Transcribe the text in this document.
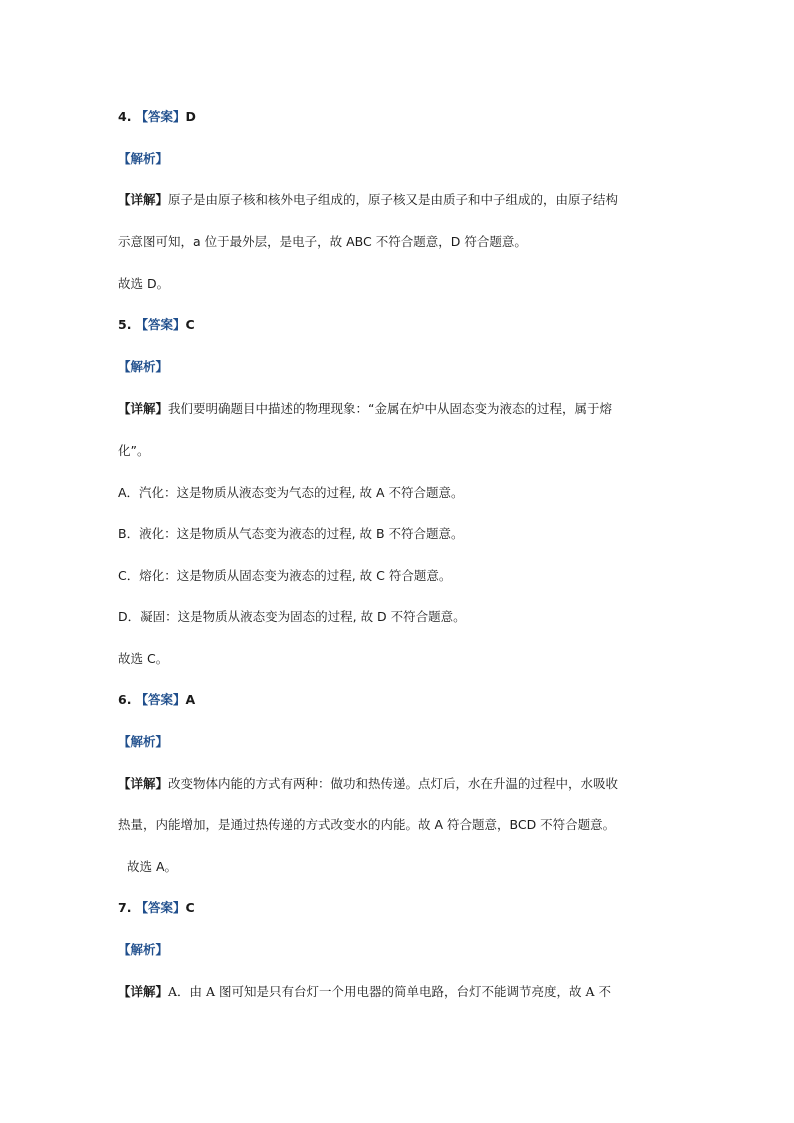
4. 【答案】D
【解析】
【详解】原子是由原子核和核外电子组成的，原子核又是由质子和中子组成的，由原子结构
示意图可知，a 位于最外层，是电子，故 ABC 不符合题意，D 符合题意。
故选 D。
5. 【答案】C
【解析】
【详解】我们要明确题目中描述的物理现象：“金属在炉中从固态变为液态的过程，属于熔
化”。
A．汽化：这是物质从液态变为气态的过程, 故 A 不符合题意。
B．液化：这是物质从气态变为液态的过程, 故 B 不符合题意。
C．熔化：这是物质从固态变为液态的过程, 故 C 符合题意。
D．凝固：这是物质从液态变为固态的过程, 故 D 不符合题意。
故选 C。
6. 【答案】A
【解析】
【详解】改变物体内能的方式有两种：做功和热传递。点灯后，水在升温的过程中，水吸收
热量，内能增加，是通过热传递的方式改变水的内能。故 A 符合题意，BCD 不符合题意。
故选 A。
7. 【答案】C
【解析】
【详解】A．由 A 图可知是只有台灯一个用电器的简单电路，台灯不能调节亮度，故 A 不
